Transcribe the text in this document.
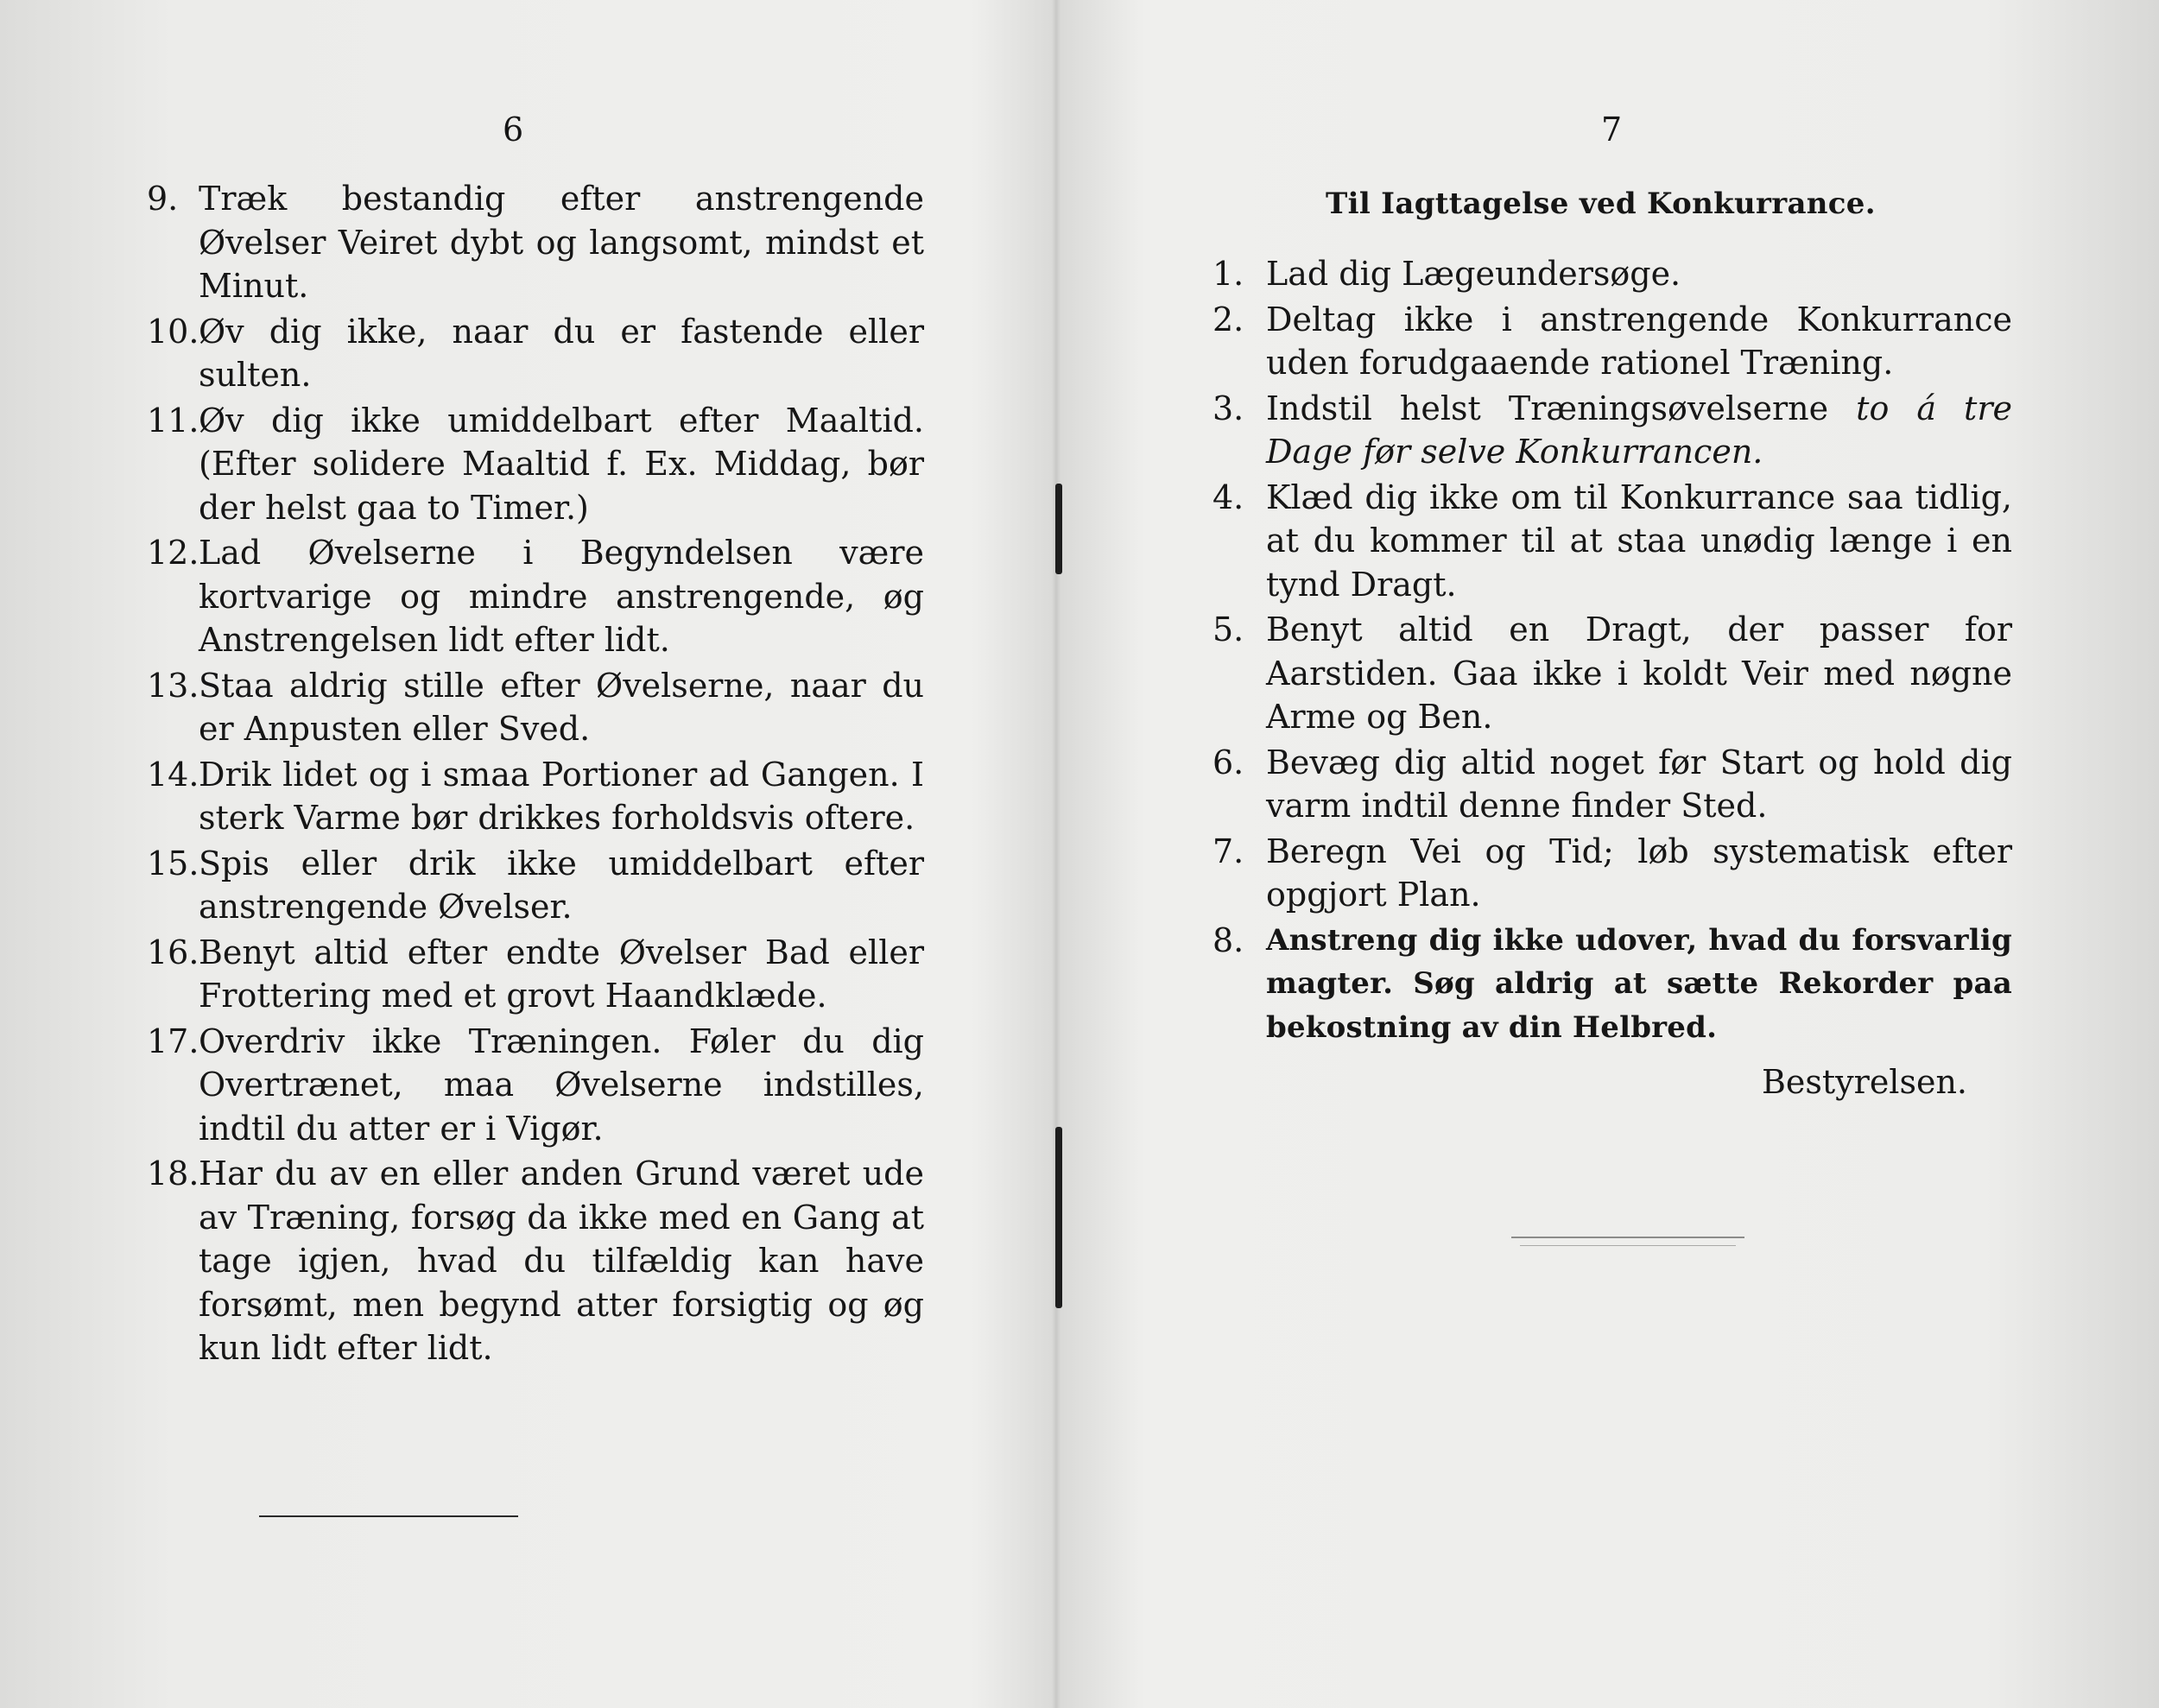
6
9. Træk bestandig efter anstrengende Øvelser Veiret dybt og langsomt, mindst et Minut.
10. Øv dig ikke, naar du er fastende eller sulten.
11. Øv dig ikke umiddelbart efter Maaltid. (Efter solidere Maaltid f. Ex. Middag, bør der helst gaa to Timer.)
12. Lad Øvelserne i Begyndelsen være kortvarige og mindre anstrengende, øg Anstrengelsen lidt efter lidt.
13. Staa aldrig stille efter Øvelserne, naar du er Anpusten eller Sved.
14. Drik lidet og i smaa Portioner ad Gangen. I sterk Varme bør drikkes forholdsvis oftere.
15. Spis eller drik ikke umiddelbart efter anstrengende Øvelser.
16. Benyt altid efter endte Øvelser Bad eller Frottering med et grovt Haandklæde.
17. Overdriv ikke Træningen. Føler du dig Overtrænet, maa Øvelserne indstilles, indtil du atter er i Vigør.
18. Har du av en eller anden Grund været ude av Træning, forsøg da ikke med en Gang at tage igjen, hvad du tilfældig kan have forsømt, men begynd atter forsigtig og øg kun lidt efter lidt.
7
Til Iagttagelse ved Konkurrance.
1. Lad dig Lægeundersøge.
2. Deltag ikke i anstrengende Konkurrance uden forudgaaende rationel Træning.
3. Indstil helst Træningsøvelserne to á tre Dage før selve Konkurrancen.
4. Klæd dig ikke om til Konkurrance saa tidlig, at du kommer til at staa unødig længe i en tynd Dragt.
5. Benyt altid en Dragt, der passer for Aarstiden. Gaa ikke i koldt Veir med nøgne Arme og Ben.
6. Bevæg dig altid noget før Start og hold dig varm indtil denne finder Sted.
7. Beregn Vei og Tid; løb systematisk efter opgjort Plan.
8. Anstreng dig ikke udover, hvad du forsvarlig magter. Søg aldrig at sætte Rekorder paa bekostning av din Helbred.
Bestyrelsen.
